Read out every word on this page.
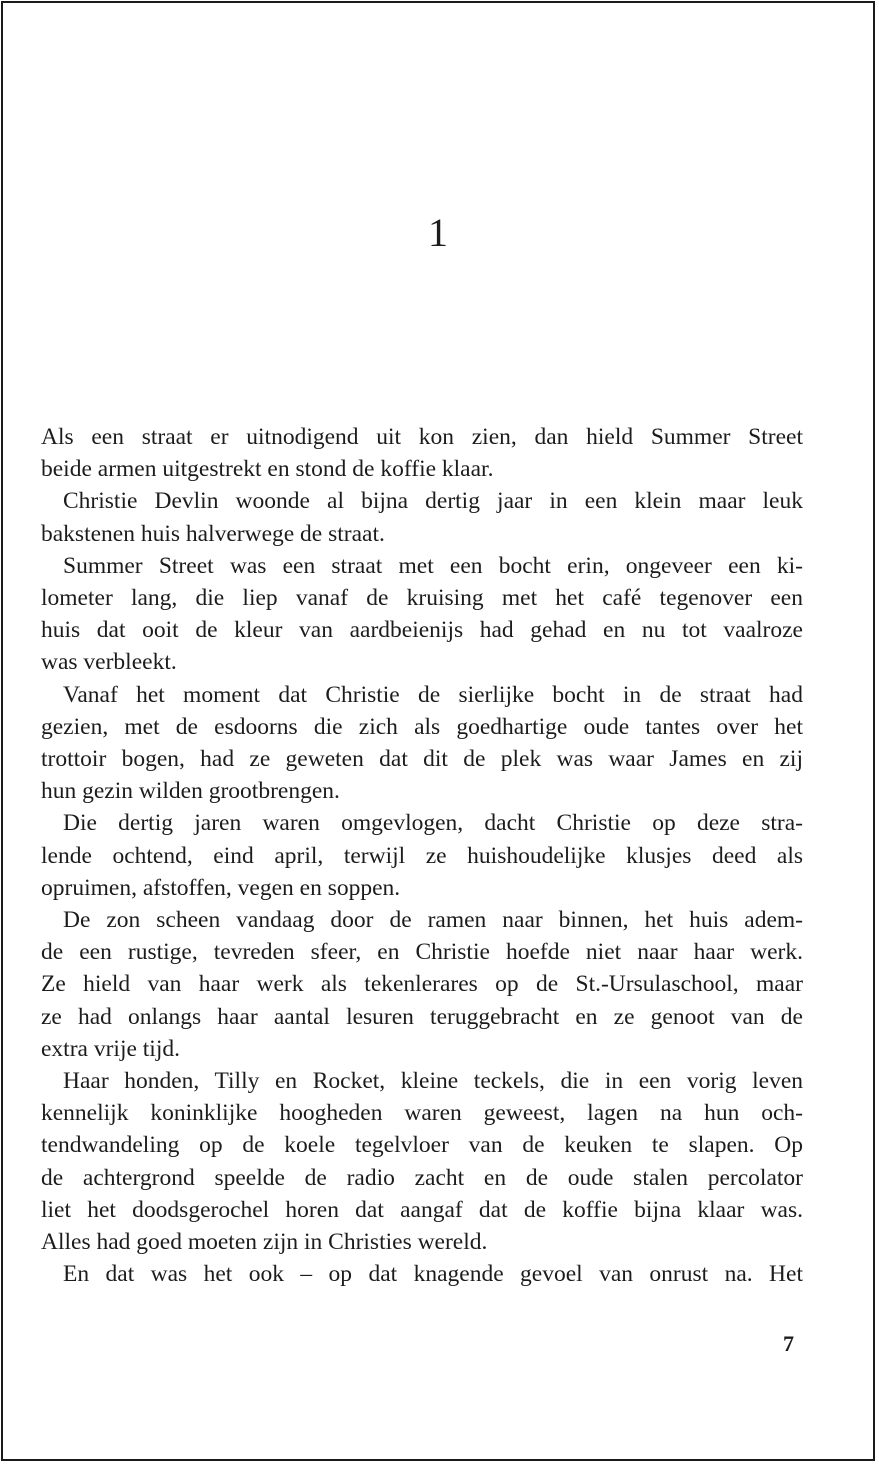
1
Als een straat er uitnodigend uit kon zien, dan hield Summer Street
beide armen uitgestrekt en stond de koffie klaar.
Christie Devlin woonde al bijna dertig jaar in een klein maar leuk
bakstenen huis halverwege de straat.
Summer Street was een straat met een bocht erin, ongeveer een ki-
lometer lang, die liep vanaf de kruising met het café tegenover een
huis dat ooit de kleur van aardbeienijs had gehad en nu tot vaalroze
was verbleekt.
Vanaf het moment dat Christie de sierlijke bocht in de straat had
gezien, met de esdoorns die zich als goedhartige oude tantes over het
trottoir bogen, had ze geweten dat dit de plek was waar James en zij
hun gezin wilden grootbrengen.
Die dertig jaren waren omgevlogen, dacht Christie op deze stra-
lende ochtend, eind april, terwijl ze huishoudelijke klusjes deed als
opruimen, afstoffen, vegen en soppen.
De zon scheen vandaag door de ramen naar binnen, het huis adem-
de een rustige, tevreden sfeer, en Christie hoefde niet naar haar werk.
Ze hield van haar werk als tekenlerares op de St.-Ursulaschool, maar
ze had onlangs haar aantal lesuren teruggebracht en ze genoot van de
extra vrije tijd.
Haar honden, Tilly en Rocket, kleine teckels, die in een vorig leven
kennelijk koninklijke hoogheden waren geweest, lagen na hun och-
tendwandeling op de koele tegelvloer van de keuken te slapen. Op
de achtergrond speelde de radio zacht en de oude stalen percolator
liet het doodsgerochel horen dat aangaf dat de koffie bijna klaar was.
Alles had goed moeten zijn in Christies wereld.
En dat was het ook – op dat knagende gevoel van onrust na. Het
7
